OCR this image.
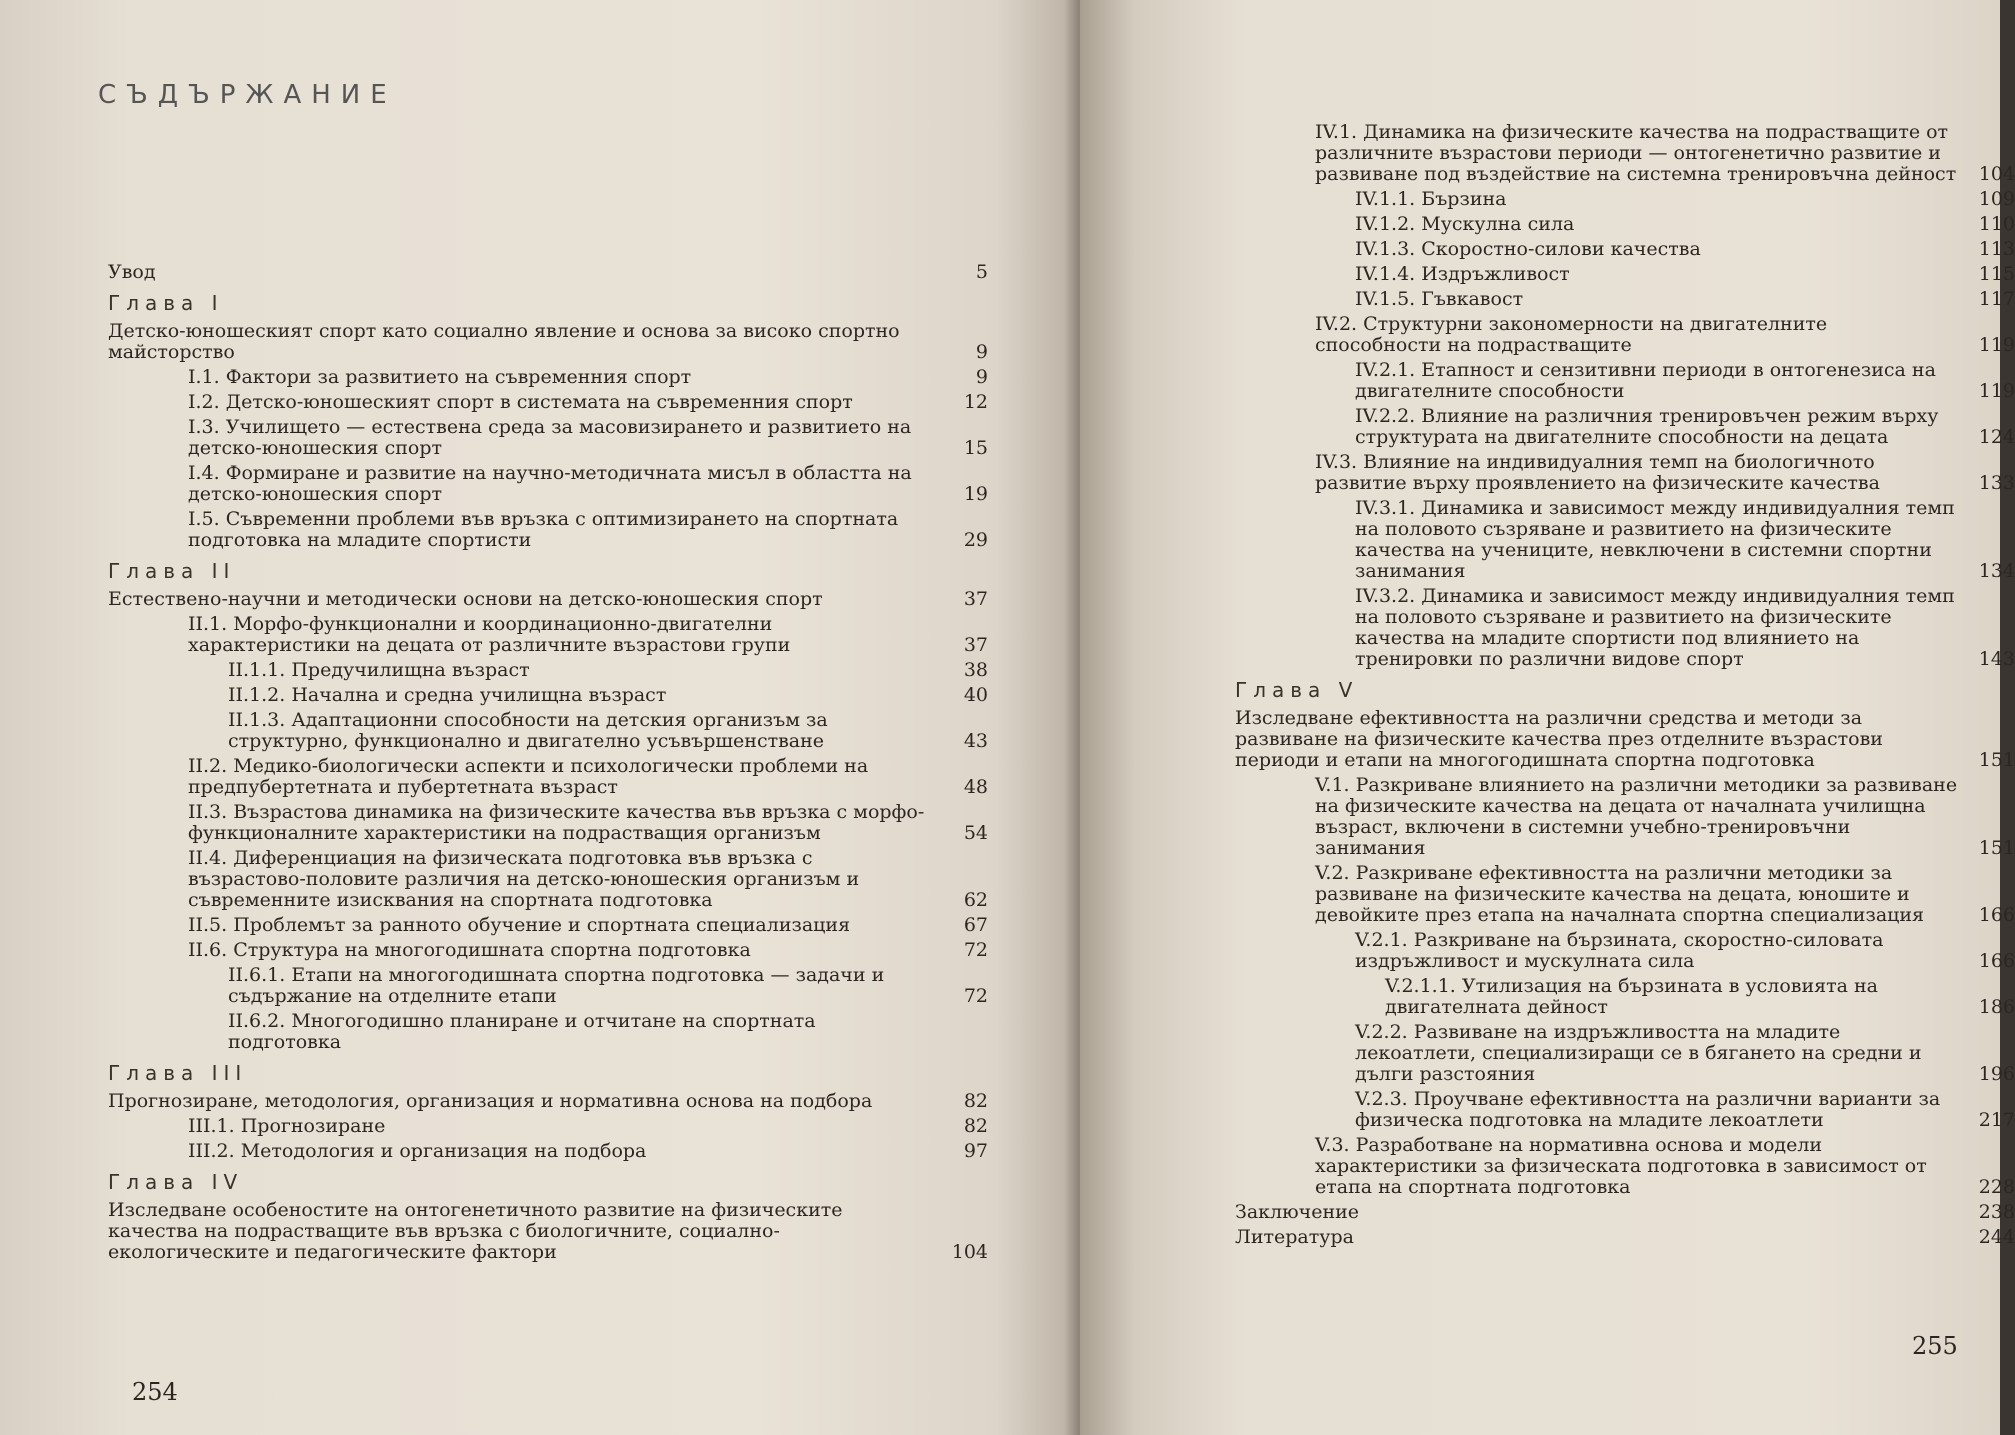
СЪДЪРЖАНИЕ
Увод	5
Глава I
Детско-юношеският спорт като социално явление и основа за високо спортно майсторство	9
I.1. Фактори за развитието на съвременния спорт	9
I.2. Детско-юношеският спорт в системата на съвременния спорт	12
I.3. Училището — естествена среда за масовизирането и развитието на детско-юношеския спорт	15
I.4. Формиране и развитие на научно-методичната мисъл в областта на детско-юношеския спорт	19
I.5. Съвременни проблеми във връзка с оптимизирането на спортната подготовка на младите спортисти	29
Глава II
Естествено-научни и методически основи на детско-юношеския спорт	37
II.1. Морфо-функционални и координационно-двигателни характеристики на децата от различните възрастови групи	37
II.1.1. Предучилищна възраст	38
II.1.2. Начална и средна училищна възраст	40
II.1.3. Адаптационни способности на детския организъм за структурно, функционално и двигателно усъвършенстване	43
II.2. Медико-биологически аспекти и психологически проблеми на предпубертетната и пубертетната възраст	48
II.3. Възрастова динамика на физическите качества във връзка с морфо-функционалните характеристики на подрастващия организъм	54
II.4. Диференциация на физическата подготовка във връзка с възрастово-половите различия на детско-юношеския организъм и съвременните изисквания на спортната подготовка	62
II.5. Проблемът за ранното обучение и спортната специализация	67
II.6. Структура на многогодишната спортна подготовка	72
II.6.1. Етапи на многогодишната спортна подготовка — задачи и съдържание на отделните етапи	72
II.6.2. Многогодишно планиране и отчитане на спортната подготовка
Глава III
Прогнозиране, методология, организация и нормативна основа на подбора	82
III.1. Прогнозиране	82
III.2. Методология и организация на подбора	97
Глава IV
Изследване особеностите на онтогенетичното развитие на физическите качества на подрастващите във връзка с биологичните, социално-екологическите и педагогическите фактори	104
254
IV.1. Динамика на физическите качества на подрастващите от различните възрастови периоди — онтогенетично развитие и развиване под въздействие на системна тренировъчна дейност	104
IV.1.1. Бързина	109
IV.1.2. Мускулна сила	110
IV.1.3. Скоростно-силови качества	113
IV.1.4. Издръжливост	115
IV.1.5. Гъвкавост	117
IV.2. Структурни закономерности на двигателните способности на подрастващите	119
IV.2.1. Етапност и сензитивни периоди в онтогенезиса на двигателните способности	119
IV.2.2. Влияние на различния тренировъчен режим върху структурата на двигателните способности на децата	124
IV.3. Влияние на индивидуалния темп на биологичното развитие върху проявлението на физическите качества	133
IV.3.1. Динамика и зависимост между индивидуалния темп на половото съзряване и развитието на физическите качества на учениците, невключени в системни спортни занимания	134
IV.3.2. Динамика и зависимост между индивидуалния темп на половото съзряване и развитието на физическите качества на младите спортисти под влиянието на тренировки по различни видове спорт	143
Глава V
Изследване ефективността на различни средства и методи за развиване на физическите качества през отделните възрастови периоди и етапи на многогодишната спортна подготовка	151
V.1. Разкриване влиянието на различни методики за развиване на физическите качества на децата от началната училищна възраст, включени в системни учебно-тренировъчни занимания	151
V.2. Разкриване ефективността на различни методики за развиване на физическите качества на децата, юношите и девойките през етапа на началната спортна специализация	166
V.2.1. Разкриване на бързината, скоростно-силовата издръжливост и мускулната сила	166
V.2.1.1. Утилизация на бързината в условията на двигателната дейност	186
V.2.2. Развиване на издръжливостта на младите лекоатлети, специализиращи се в бягането на средни и дълги разстояния	196
V.2.3. Проучване ефективността на различни варианти за физическа подготовка на младите лекоатлети	217
V.3. Разработване на нормативна основа и модели характеристики за физическата подготовка в зависимост от етапа на спортната подготовка	228
Заключение	238
Литература	244
255
